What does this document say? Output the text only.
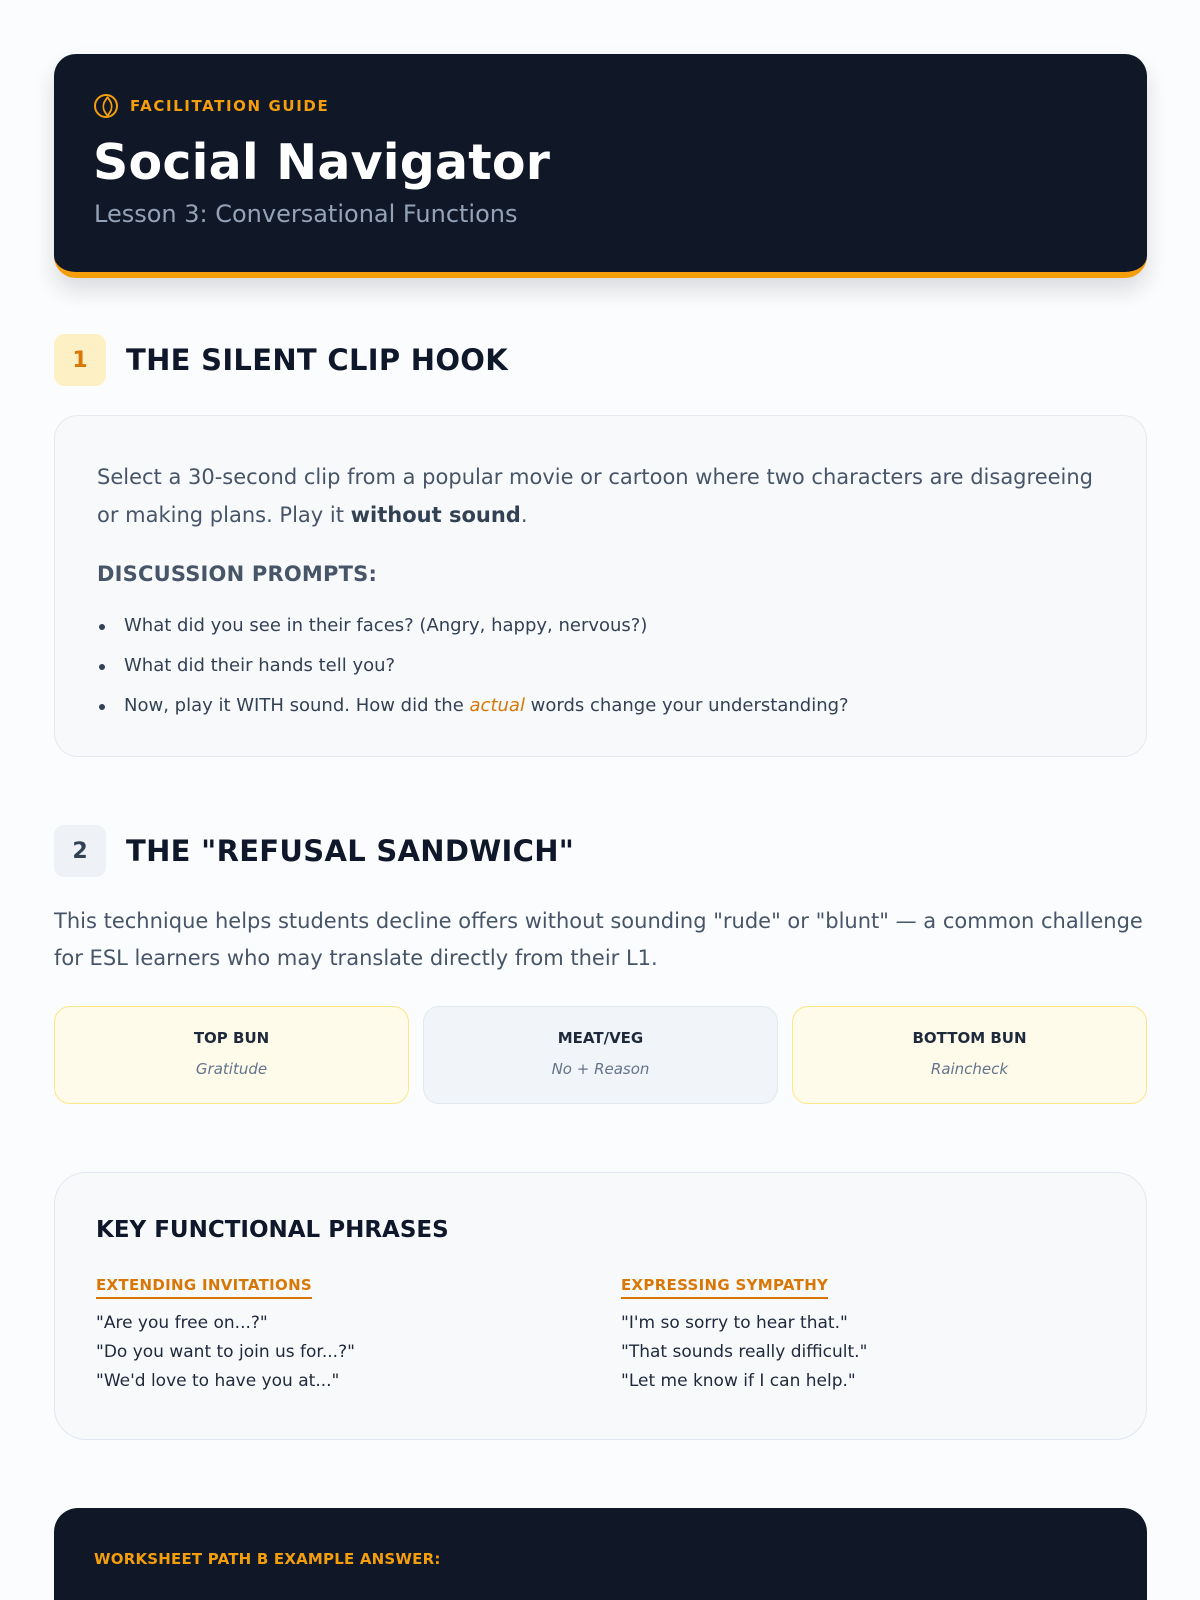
FACILITATION GUIDE
Social Navigator
Lesson 3: Conversational Functions
1	THE SILENT CLIP HOOK

Select a 30-second clip from a popular movie or cartoon where two characters are disagreeing or making plans. Play it without sound.

DISCUSSION PROMPTS:
What did you see in their faces? (Angry, happy, nervous?)
What did their hands tell you?
Now, play it WITH sound. How did the actual words change your understanding?
2	THE "REFUSAL SANDWICH"

This technique helps students decline offers without sounding "rude" or "blunt" — a common challenge for ESL learners who may translate directly from their L1.

TOP BUN
Gratitude
MEAT/VEG
No + Reason
BOTTOM BUN
Raincheck
KEY FUNCTIONAL PHRASES
EXTENDING INVITATIONS
"Are you free on...?"
"Do you want to join us for...?"
"We'd love to have you at..."
EXPRESSING SYMPATHY
"I'm so sorry to hear that."
"That sounds really difficult."
"Let me know if I can help."
WORKSHEET PATH B EXAMPLE ANSWER:
